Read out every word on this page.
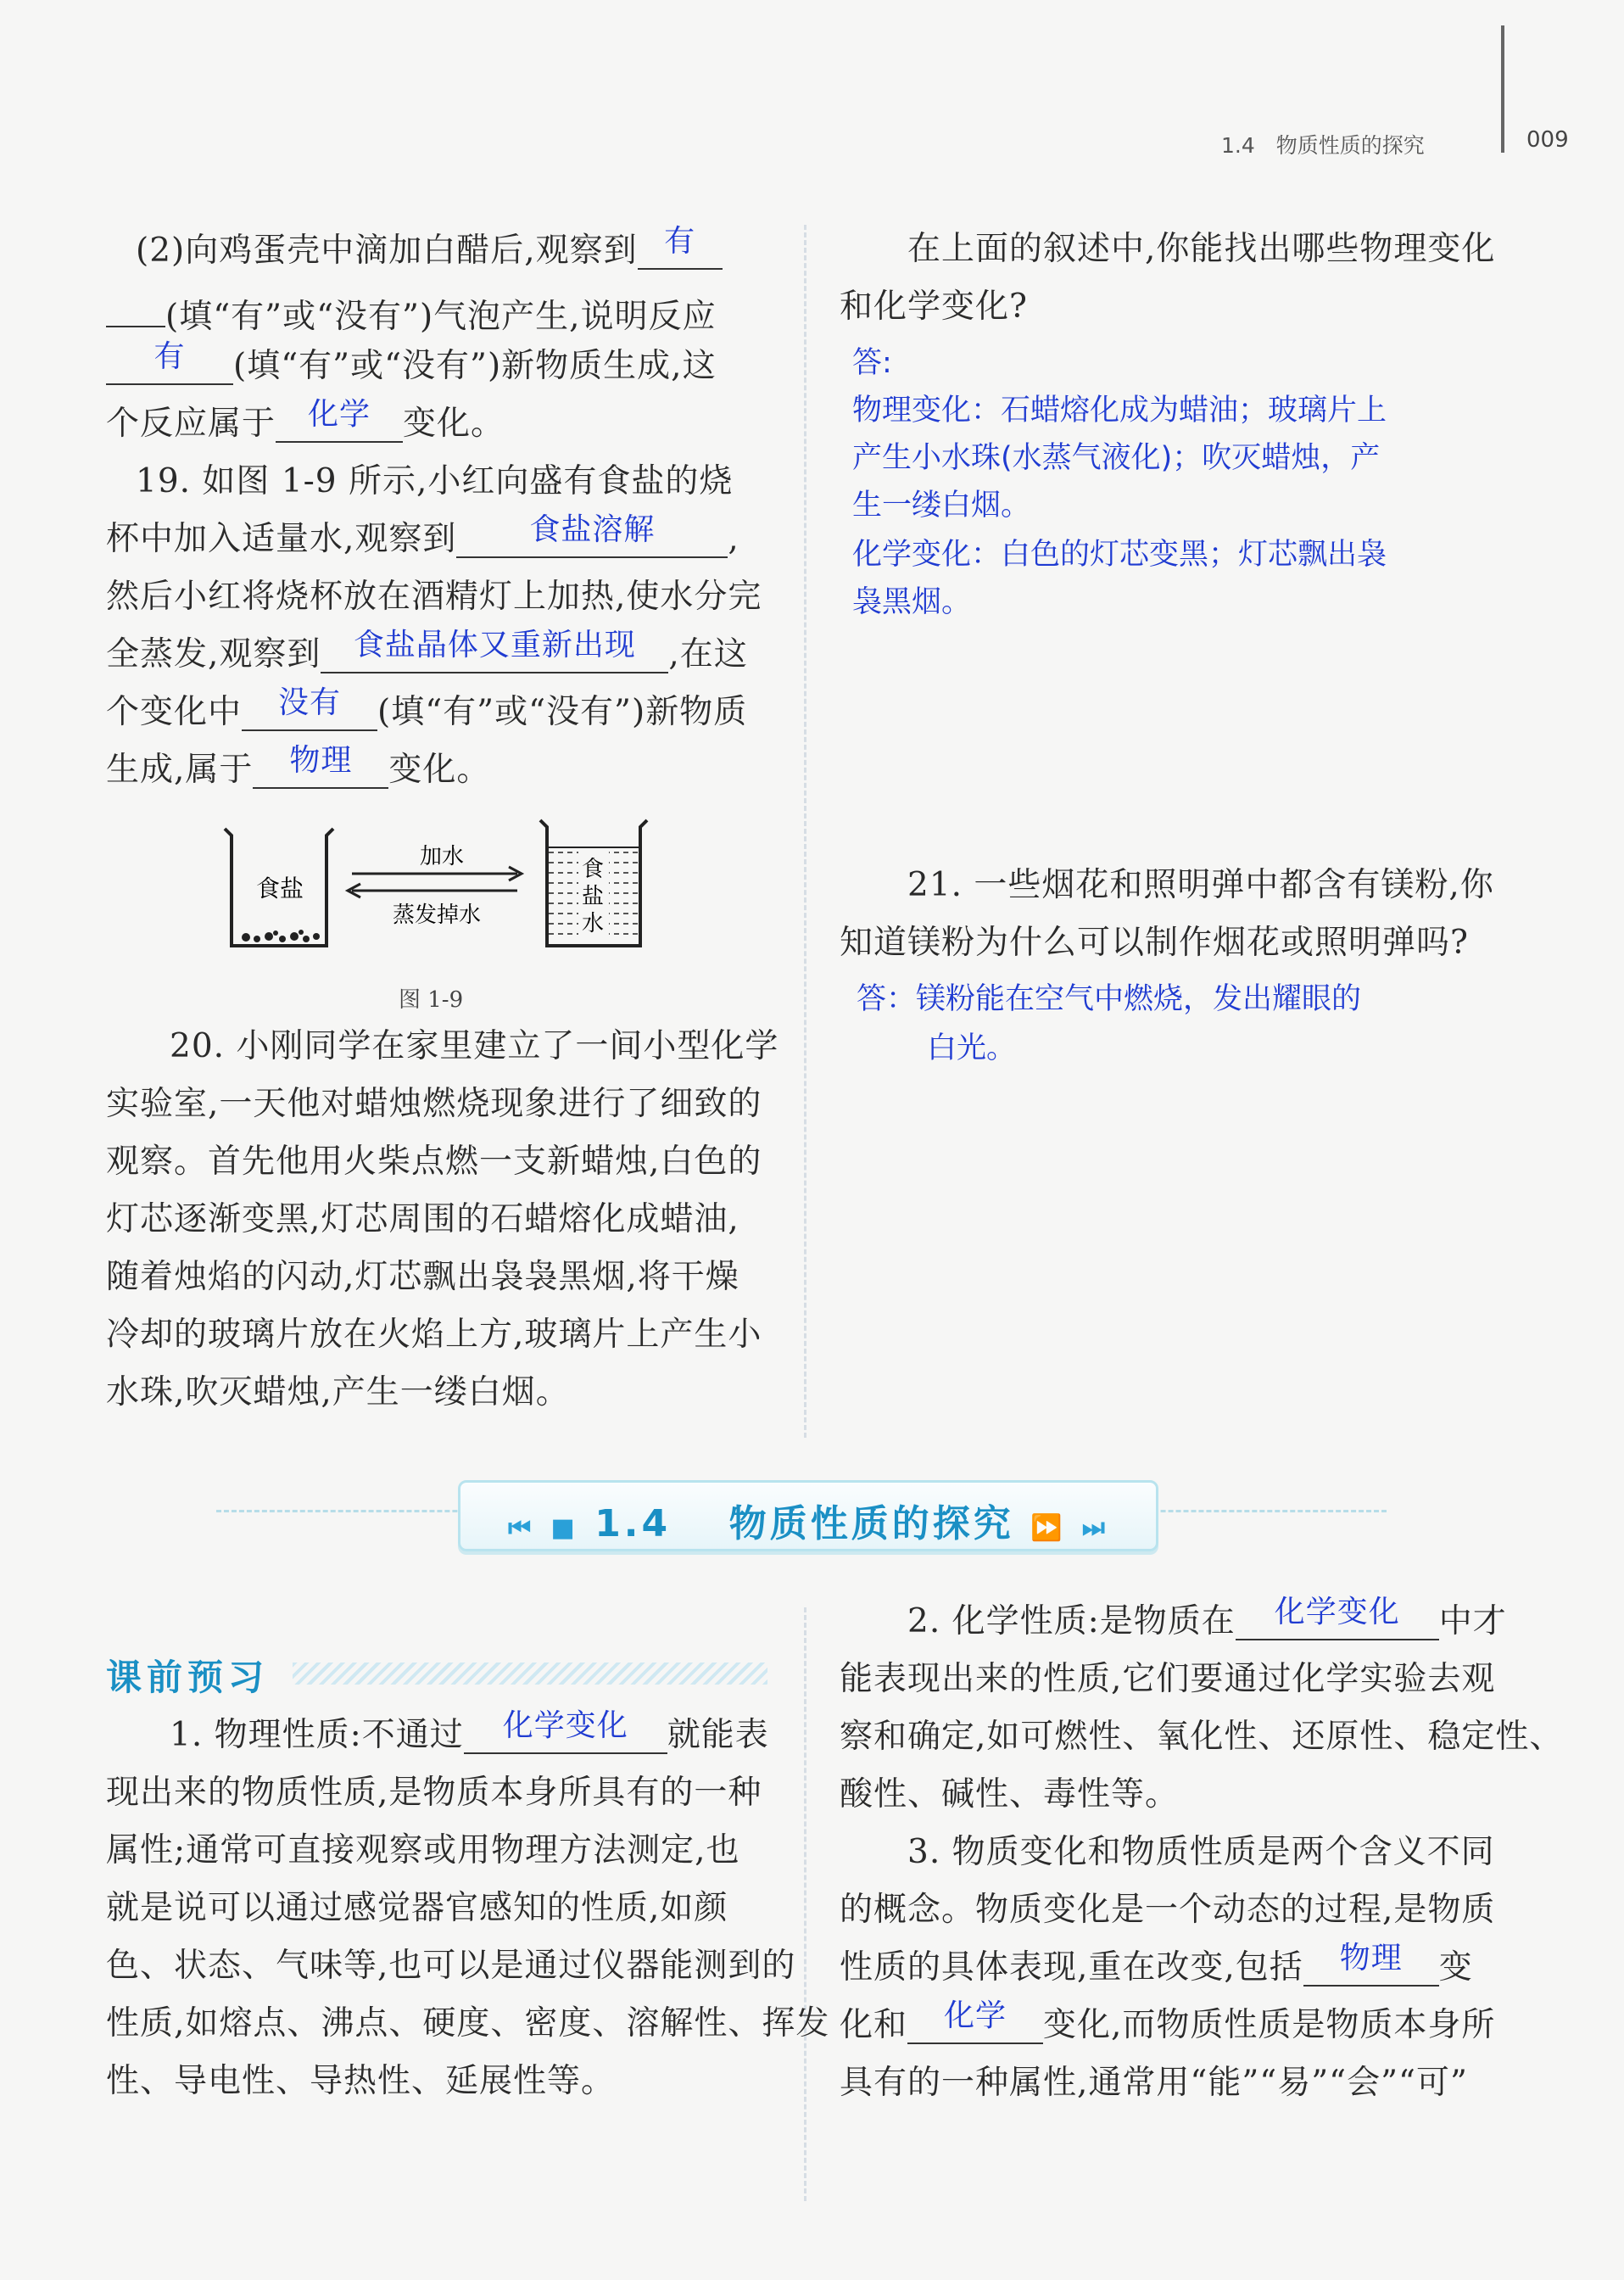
1.4　物质性质的探究	009
(2)向鸡蛋壳中滴加白醋后,观察到 有
(填“有”或“没有”)气泡产生,说明反应
有 (填“有”或“没有”)新物质生成,这
个反应属于 化学 变化。
19. 如图 1-9 所示,小红向盛有食盐的烧
杯中加入适量水,观察到 食盐溶解 ,
然后小红将烧杯放在酒精灯上加热,使水分完
全蒸发,观察到 食盐晶体又重新出现 ,在这
个变化中 没有 (填“有”或“没有”)新物质
生成,属于 物理 变化。
食盐
加水
蒸发掉水
食
盐
水
图 1-9
20. 小刚同学在家里建立了一间小型化学
实验室,一天他对蜡烛燃烧现象进行了细致的
观察。首先他用火柴点燃一支新蜡烛,白色的
灯芯逐渐变黑,灯芯周围的石蜡熔化成蜡油,
随着烛焰的闪动,灯芯飘出袅袅黑烟,将干燥
冷却的玻璃片放在火焰上方,玻璃片上产生小
水珠,吹灭蜡烛,产生一缕白烟。
在上面的叙述中,你能找出哪些物理变化
和化学变化?
答:
物理变化：石蜡熔化成为蜡油；玻璃片上
产生小水珠(水蒸气液化)；吹灭蜡烛，产
生一缕白烟。
化学变化：白色的灯芯变黑；灯芯飘出袅
袅黑烟。
21. 一些烟花和照明弹中都含有镁粉,你
知道镁粉为什么可以制作烟花或照明弹吗?
答：镁粉能在空气中燃烧，发出耀眼的
白光。
⏮ ■ 1.4 物质性质的探究 ⏩ ⏭
课前预习
1. 物理性质:不通过 化学变化 就能表
现出来的物质性质,是物质本身所具有的一种
属性;通常可直接观察或用物理方法测定,也
就是说可以通过感觉器官感知的性质,如颜
色、状态、气味等,也可以是通过仪器能测到的
性质,如熔点、沸点、硬度、密度、溶解性、挥发
性、导电性、导热性、延展性等。
2. 化学性质:是物质在 化学变化 中才
能表现出来的性质,它们要通过化学实验去观
察和确定,如可燃性、氧化性、还原性、稳定性、
酸性、碱性、毒性等。
3. 物质变化和物质性质是两个含义不同
的概念。物质变化是一个动态的过程,是物质
性质的具体表现,重在改变,包括 物理 变
化和 化学 变化,而物质性质是物质本身所
具有的一种属性,通常用“能”“易”“会”“可”
